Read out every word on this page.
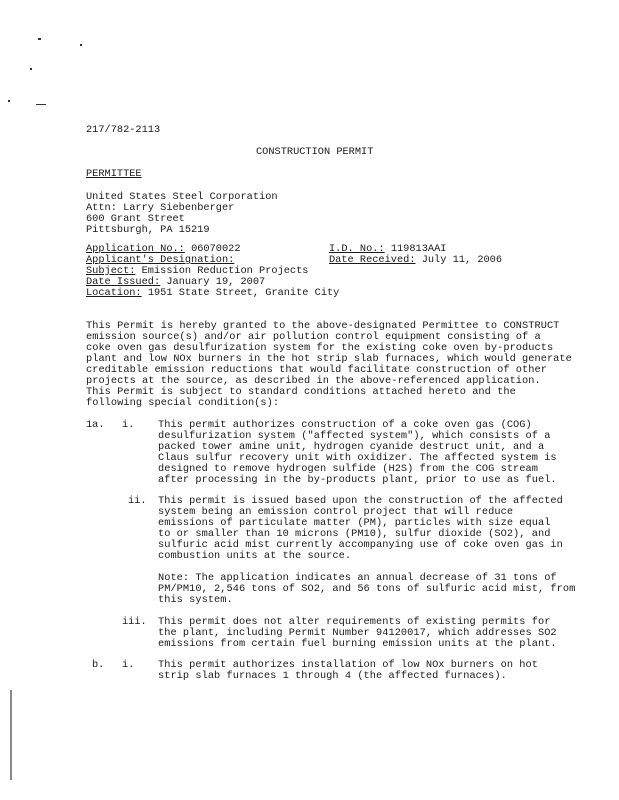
217/782-2113
CONSTRUCTION PERMIT
PERMITTEE
United States Steel Corporation
Attn: Larry Siebenberger
600 Grant Street
Pittsburgh, PA 15219
Application No.: 06070022	I.D. No.: 119813AAI
Applicant's Designation:	Date Received: July 11, 2006
Subject: Emission Reduction Projects
Date Issued: January 19, 2007
Location: 1951 State Street, Granite City
This Permit is hereby granted to the above-designated Permittee to CONSTRUCT
emission source(s) and/or air pollution control equipment consisting of a
coke oven gas desulfurization system for the existing coke oven by-products
plant and low NOx burners in the hot strip slab furnaces, which would generate
creditable emission reductions that would facilitate construction of other
projects at the source, as described in the above-referenced application.
This Permit is subject to standard conditions attached hereto and the
following special condition(s):
1a. i. This permit authorizes construction of a coke oven gas (COG)
desulfurization system ("affected system"), which consists of a
packed tower amine unit, hydrogen cyanide destruct unit, and a
Claus sulfur recovery unit with oxidizer. The affected system is
designed to remove hydrogen sulfide (H2S) from the COG stream
after processing in the by-products plant, prior to use as fuel.
ii. This permit is issued based upon the construction of the affected
system being an emission control project that will reduce
emissions of particulate matter (PM), particles with size equal
to or smaller than 10 microns (PM10), sulfur dioxide (SO2), and
sulfuric acid mist currently accompanying use of coke oven gas in
combustion units at the source.
Note: The application indicates an annual decrease of 31 tons of
PM/PM10, 2,546 tons of SO2, and 56 tons of sulfuric acid mist, from
this system.
iii. This permit does not alter requirements of existing permits for
the plant, including Permit Number 94120017, which addresses SO2
emissions from certain fuel burning emission units at the plant.
b. i. This permit authorizes installation of low NOx burners on hot
strip slab furnaces 1 through 4 (the affected furnaces).
